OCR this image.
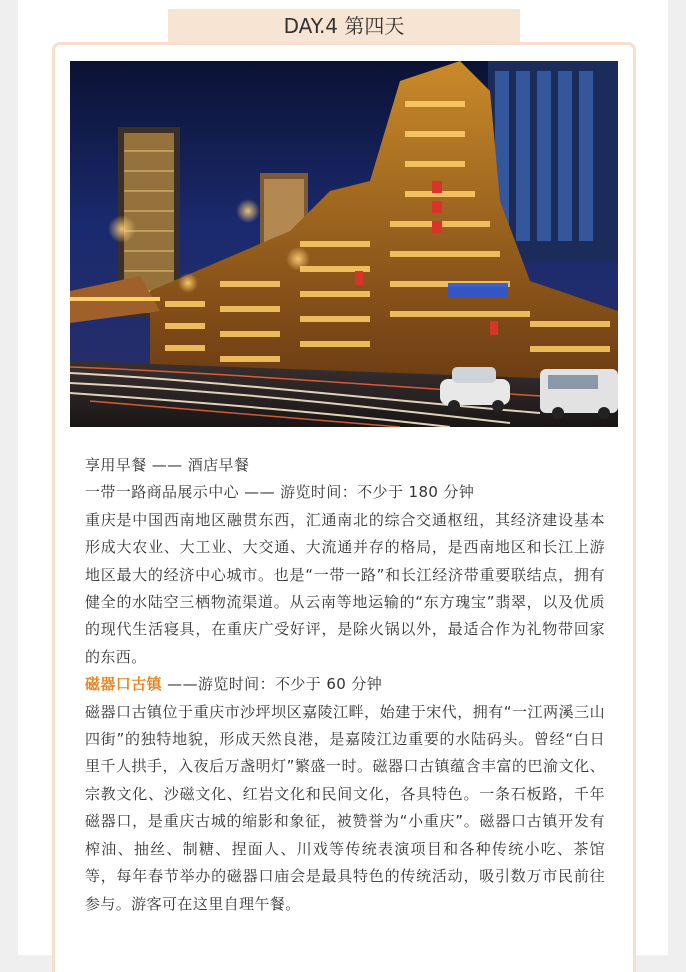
DAY.4 第四天

享用早餐 —— 酒店早餐

一带一路商品展示中心 —— 游览时间：不少于 180 分钟

重庆是中国西南地区融贯东西，汇通南北的综合交通枢纽，其经济建设基本形成大农业、大工业、大交通、大流通并存的格局，是西南地区和长江上游地区最大的经济中心城市。也是“一带一路”和长江经济带重要联结点，拥有健全的水陆空三栖物流渠道。从云南等地运输的“东方瑰宝”翡翠，以及优质的现代生活寝具，在重庆广受好评，是除火锅以外，最适合作为礼物带回家的东西。

磁器口古镇 ——游览时间：不少于 60 分钟

磁器口古镇位于重庆市沙坪坝区嘉陵江畔，始建于宋代，拥有“一江两溪三山四街”的独特地貌，形成天然良港，是嘉陵江边重要的水陆码头。曾经“白日里千人拱手，入夜后万盏明灯”繁盛一时。磁器口古镇蕴含丰富的巴渝文化、宗教文化、沙磁文化、红岩文化和民间文化，各具特色。一条石板路，千年磁器口，是重庆古城的缩影和象征，被赞誉为“小重庆”。磁器口古镇开发有榨油、抽丝、制糖、捏面人、川戏等传统表演项目和各种传统小吃、茶馆等，每年春节举办的磁器口庙会是最具特色的传统活动，吸引数万市民前往参与。游客可在这里自理午餐。
